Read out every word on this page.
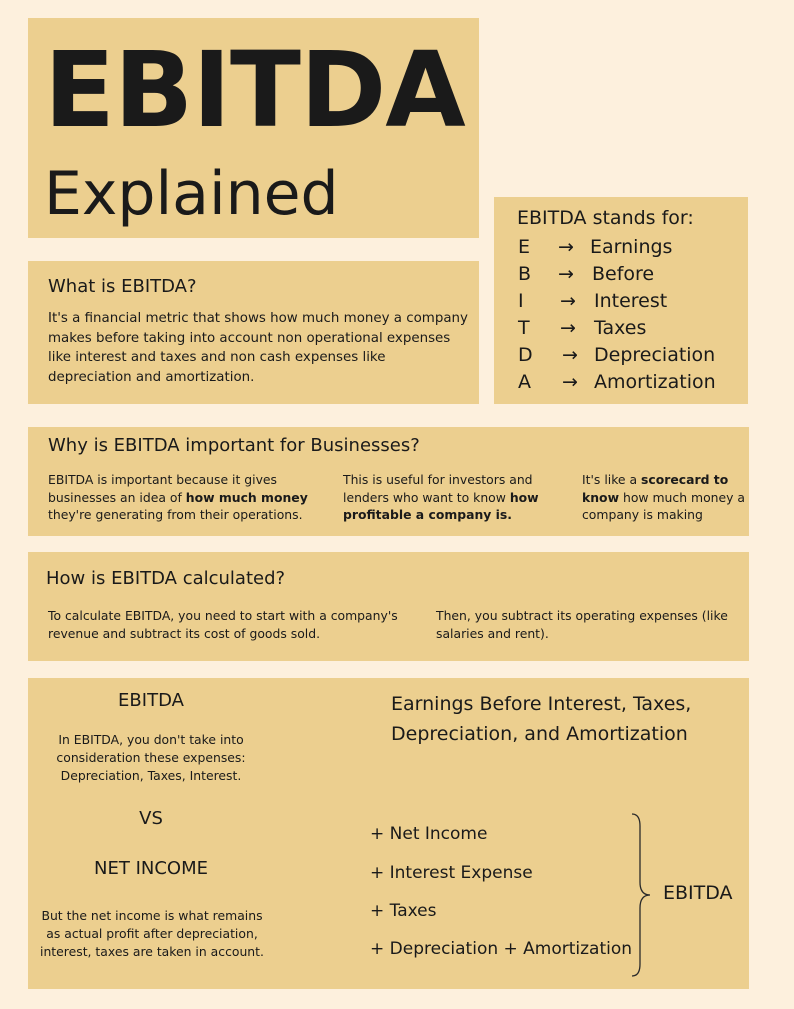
EBITDA
Explained	EBITDA stands for:
E → Earnings
B → Before
I → Interest
T → Taxes
D → Depreciation
A → Amortization
What is EBITDA?
It's a financial metric that shows how much money a company makes before taking into account non operational expenses like interest and taxes and non cash expenses like depreciation and amortization.
Why is EBITDA important for Businesses?
EBITDA is important because it gives businesses an idea of how much money they're generating from their operations.
This is useful for investors and lenders who want to know how profitable a company is.
It's like a scorecard to know how much money a company is making
How is EBITDA calculated?
To calculate EBITDA, you need to start with a company's revenue and subtract its cost of goods sold.
Then, you subtract its operating expenses (like salaries and rent).
EBITDA
In EBITDA, you don't take into consideration these expenses: Depreciation, Taxes, Interest.
VS
NET INCOME
But the net income is what remains as actual profit after depreciation, interest, taxes are taken in account.
Earnings Before Interest, Taxes, Depreciation, and Amortization
+ Net Income
+ Interest Expense
+ Taxes
+ Depreciation + Amortization
EBITDA
